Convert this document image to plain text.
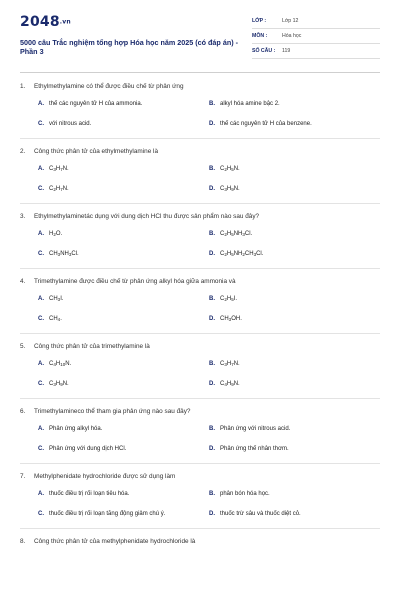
2048.vn
5000 câu Trắc nghiệm tổng hợp Hóa học năm 2025 (có đáp án) - Phần 3
LỚP :	Lớp 12
MÔN :	Hóa học
SỐ CÂU :	119
1.	Ethylmethylamine có thể được điều chế từ phản ứng
A. thế các nguyên tử H của ammonia.	B. alkyl hóa amine bậc 2.
C. với nitrous acid.	D. thế các nguyên tử H của benzene.
2.	Công thức phân tử của ethylmethylamine là
A. $C_3H_7N$.	B. $C_2H_5N$.
C. $C_2H_7N$.	D. $C_3H_9N$.
3.	Ethylmethylaminetác dụng với dung dịch HCl thu được sản phẩm nào sau đây?
A. $H_2O$.	B. $C_2H_5NH_3Cl$.
C. $CH_3NH_3Cl$.	D. $C_2H_5NH_2CH_3Cl$.
4.	Trimethylamine được điều chế từ phản ứng alkyl hóa giữa ammonia và
A. $CH_3I$.	B. $C_2H_5I$.
C. $CH_4$.	D. $CH_3OH$.
5.	Công thức phân tử của trimethylamine là
A. $C_4H_{10}N$.	B. $C_3H_7N$.
C. $C_3H_9N$.	D. $C_4H_9N$.
6.	Trimethylamineco thể tham gia phản ứng nào sau đây?
A. Phản ứng alkyl hóa.	B. Phản ứng với nitrous acid.
C. Phản ứng với dung dịch HCl.	D. Phản ứng thế nhân thơm.
7.	Methylphenidate hydrochloride được sử dụng làm
A. thuốc điều trị rối loạn tiêu hóa.	B. phân bón hóa học.
C. thuốc điều trị rối loạn tăng động giảm chú ý.	D. thuốc trừ sâu và thuốc diệt cỏ.
8.	Công thức phân tử của methylphenidate hydrochloride là
